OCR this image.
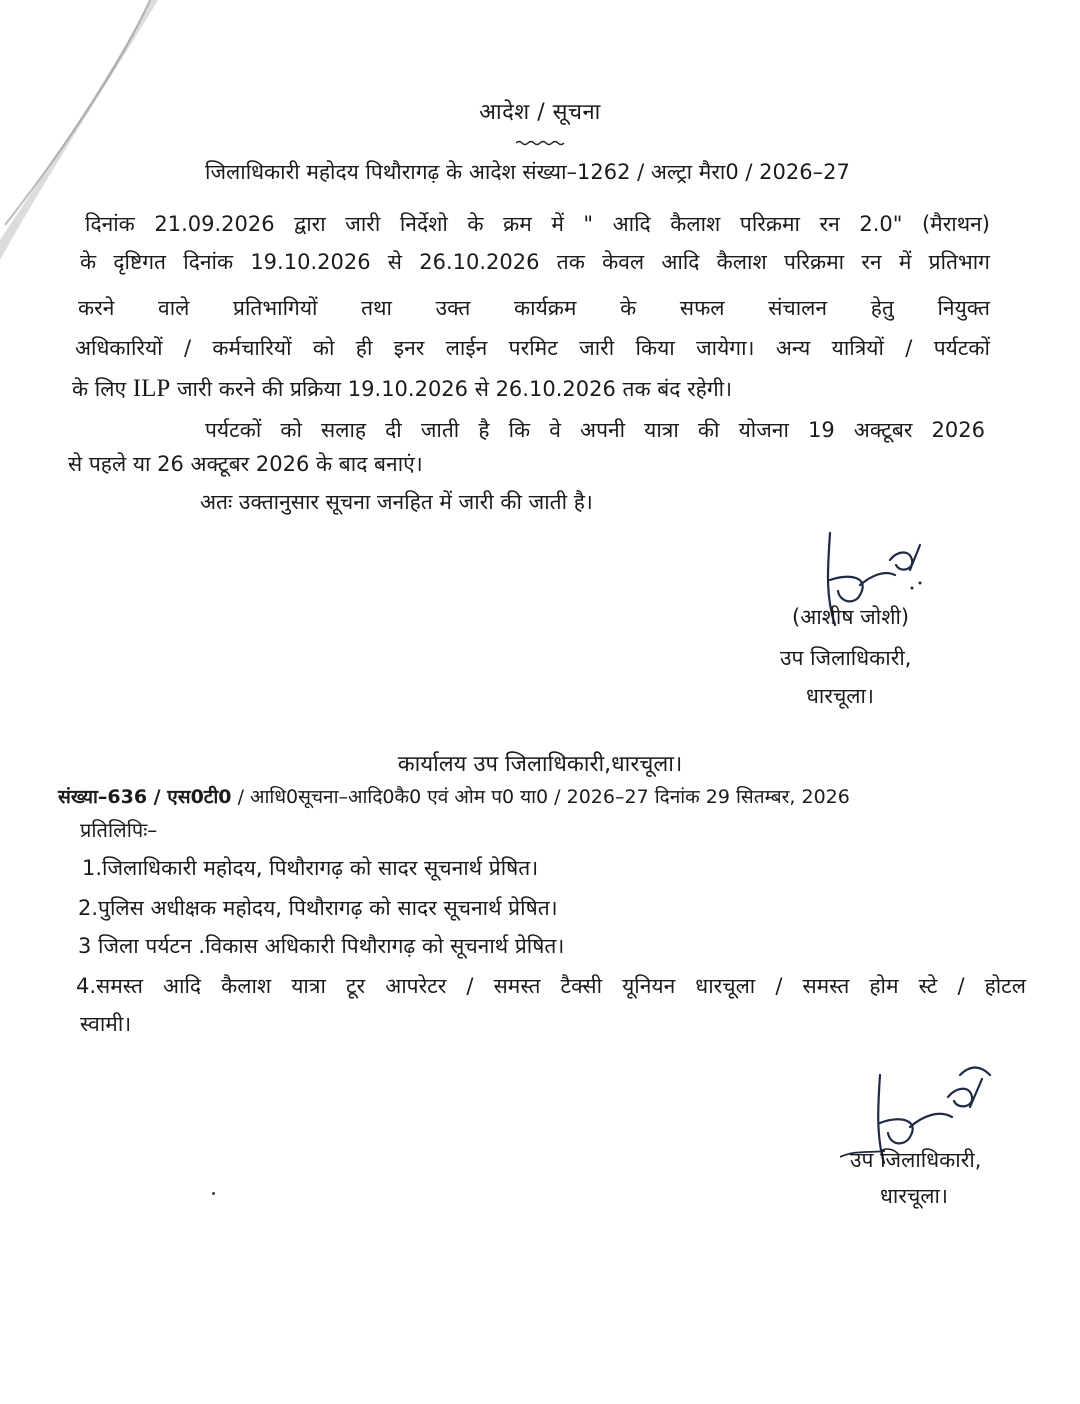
आदेश / सूचना
जिलाधिकारी महोदय पिथौरागढ़ के आदेश संख्या–1262 / अल्ट्रा मैरा0 / 2026–27
दिनांक 21.09.2026 द्वारा जारी निर्देशो के क्रम में " आदि कैलाश परिक्रमा रन 2.0" (मैराथन)
के दृष्टिगत दिनांक 19.10.2026 से 26.10.2026 तक केवल आदि कैलाश परिक्रमा रन में प्रतिभाग
करने वाले प्रतिभागियों तथा उक्त कार्यक्रम के सफल संचालन हेतु नियुक्त
अधिकारियों / कर्मचारियों को ही इनर लाईन परमिट जारी किया जायेगा। अन्य यात्रियों / पर्यटकों
के लिए ILP जारी करने की प्रक्रिया 19.10.2026 से 26.10.2026 तक बंद रहेगी।
पर्यटकों को सलाह दी जाती है कि वे अपनी यात्रा की योजना 19 अक्टूबर 2026
से पहले या 26 अक्टूबर 2026 के बाद बनाएं।
अतः उक्तानुसार सूचना जनहित में जारी की जाती है।
(आशीष जोशी)
उप जिलाधिकारी,
धारचूला।
कार्यालय उप जिलाधिकारी,धारचूला।
संख्या–636 / एस0टी0 / आधि0सूचना–आदि0कै0 एवं ओम प0 या0 / 2026–27 दिनांक 29 सितम्बर, 2026
प्रतिलिपिः–
1.जिलाधिकारी महोदय, पिथौरागढ़ को सादर सूचनार्थ प्रेषित।
2.पुलिस अधीक्षक महोदय, पिथौरागढ़ को सादर सूचनार्थ प्रेषित।
3 जिला पर्यटन .विकास अधिकारी पिथौरागढ़ को सूचनार्थ प्रेषित।
4.समस्त आदि कैलाश यात्रा टूर आपरेटर / समस्त टैक्सी यूनियन धारचूला / समस्त होम स्टे / होटल
स्वामी।
उप जिलाधिकारी,
धारचूला।
